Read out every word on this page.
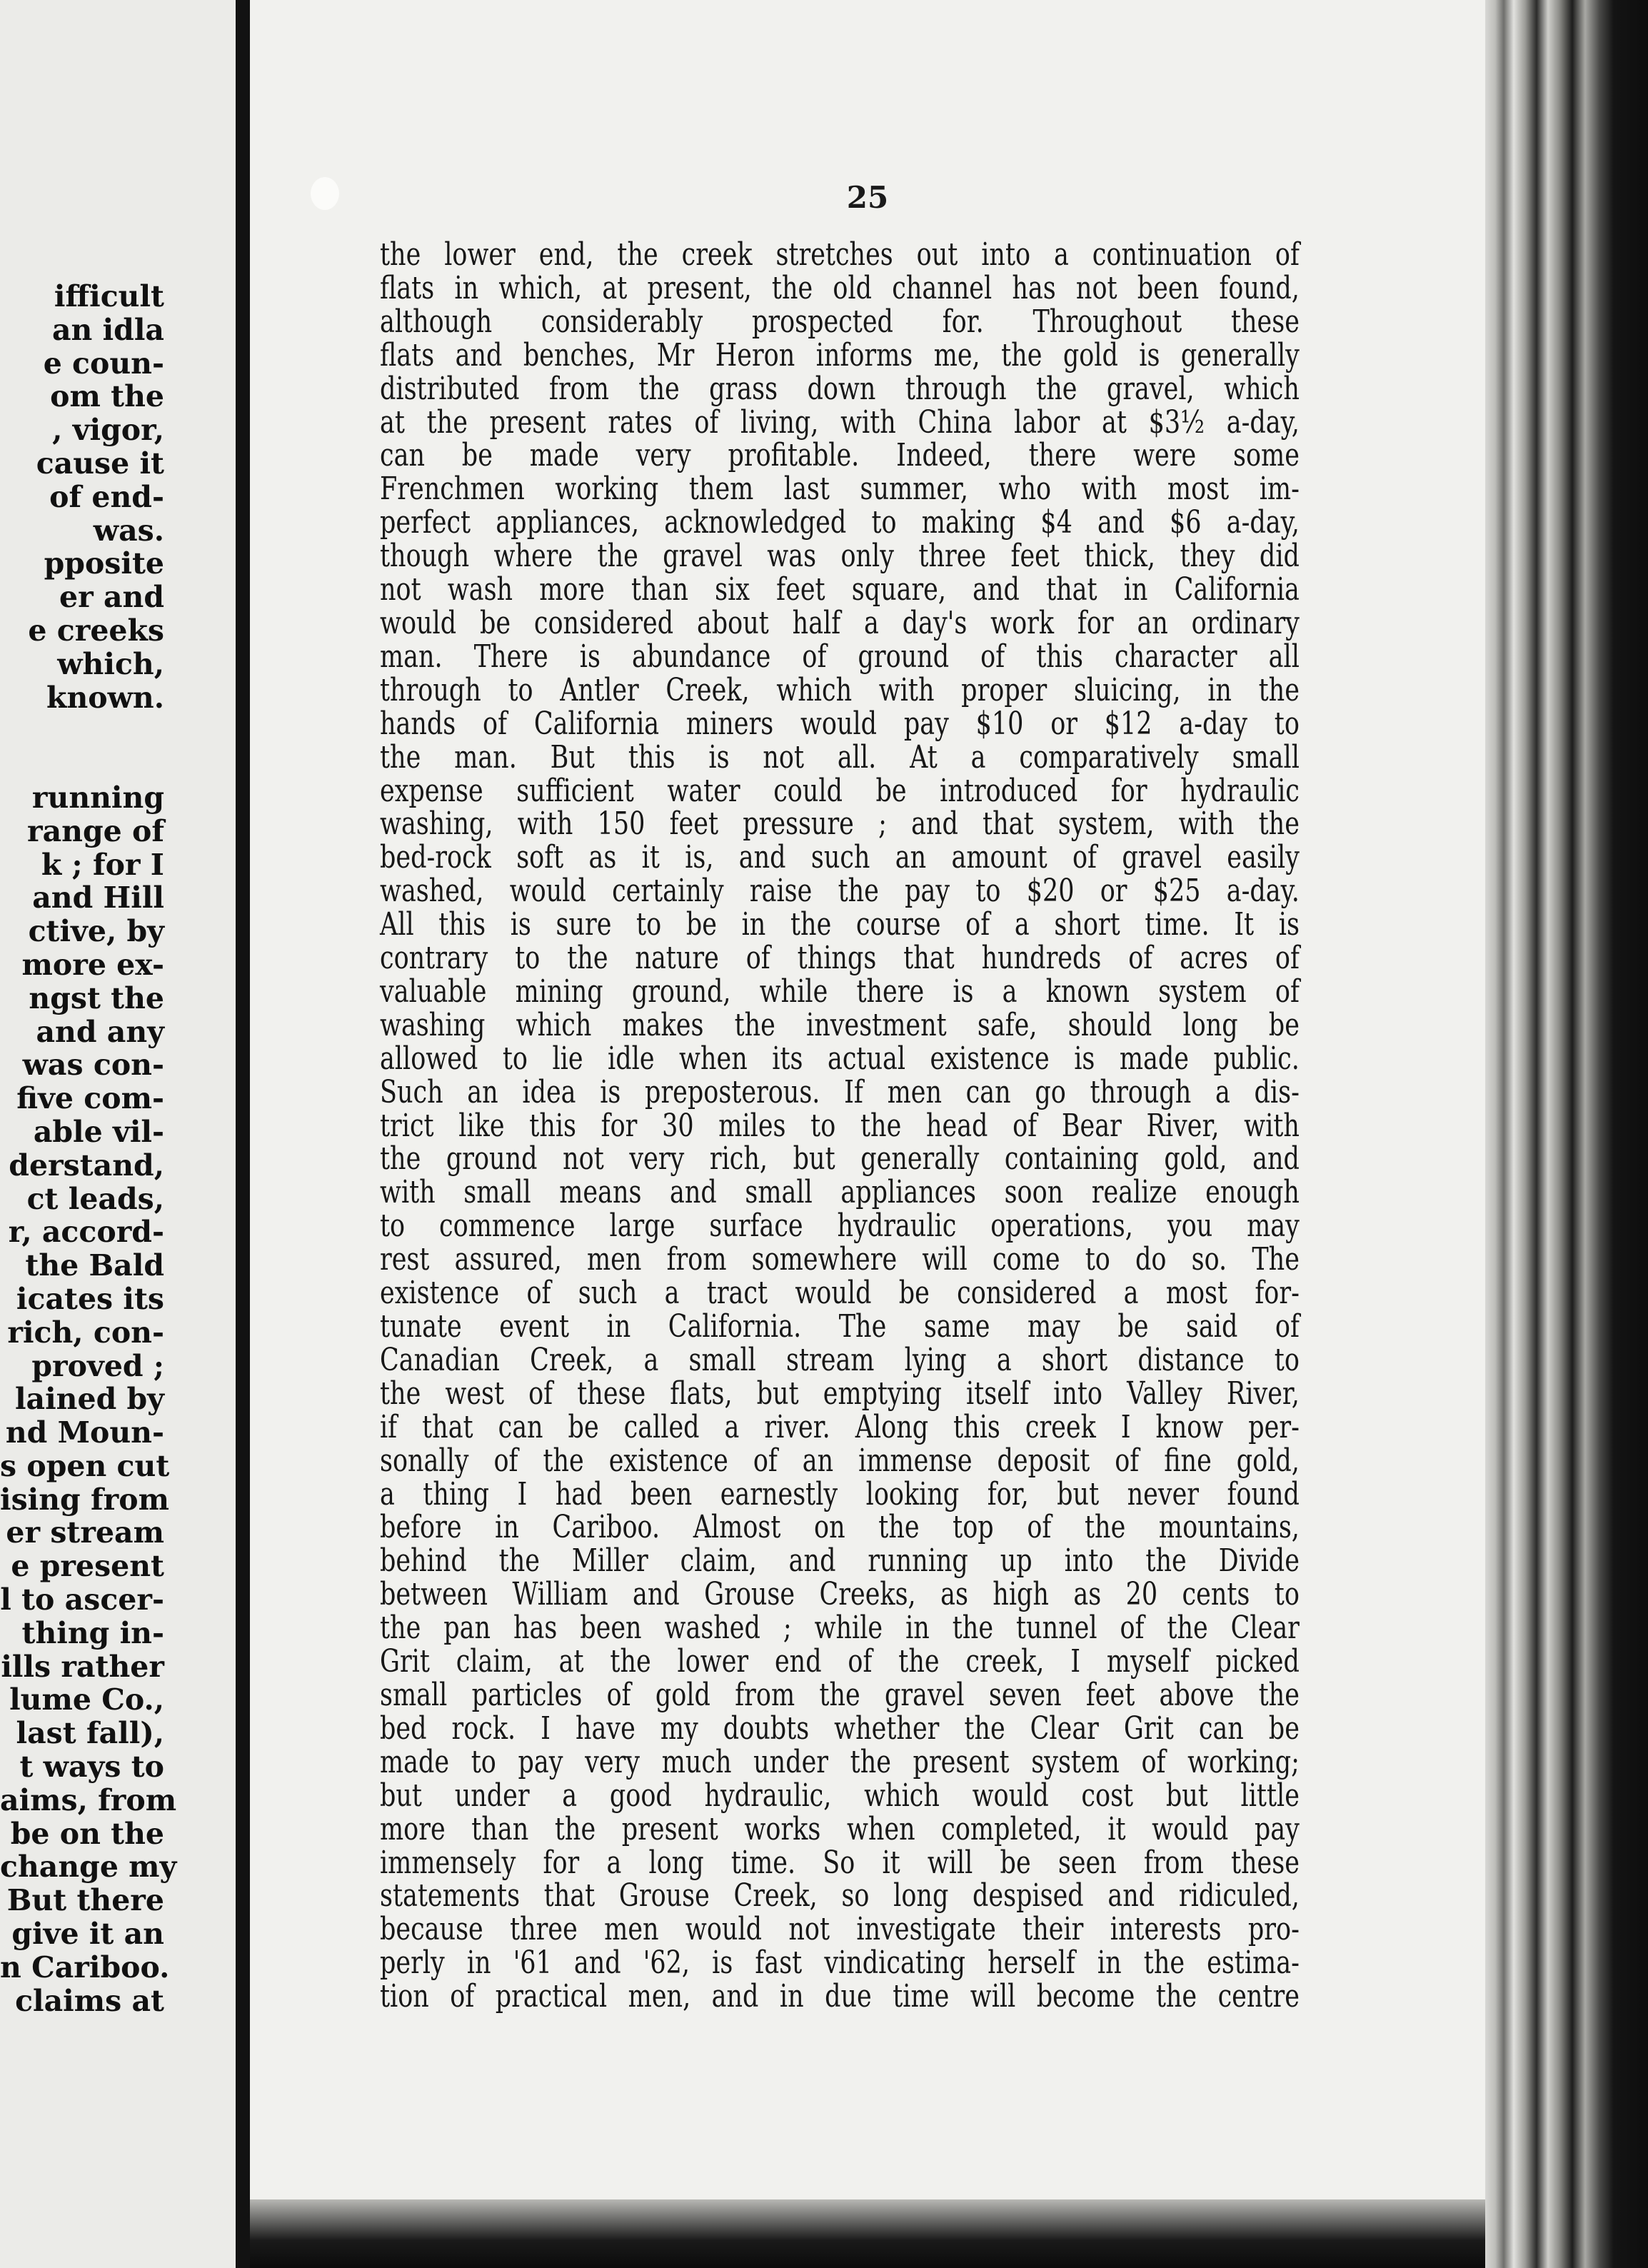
ifficult
an idla
e coun-
om the
, vigor,
cause it
of end-
was.
pposite
er and
e creeks
which,
known.

running
range of
k ; for I
and Hill
ctive, by
more ex-
ngst the
and any
was con-
five com-
able vil-
derstand,
ct leads,
r, accord-
the Bald
icates its
rich, con-
proved ;
lained by
nd Moun-
s open cut
ising from
er stream
e present
l to ascer-
thing in-
ills rather
lume Co.,
last fall),
t ways to
aims, from
be on the
change my
But there
give it an
n Cariboo.
claims at

25

the lower end, the creek stretches out into a continuation of
flats in which, at present, the old channel has not been found,
although considerably prospected for. Throughout these
flats and benches, Mr Heron informs me, the gold is generally
distributed from the grass down through the gravel, which
at the present rates of living, with China labor at $3½ a-day,
can be made very profitable. Indeed, there were some
Frenchmen working them last summer, who with most im-
perfect appliances, acknowledged to making $4 and $6 a-day,
though where the gravel was only three feet thick, they did
not wash more than six feet square, and that in California
would be considered about half a day's work for an ordinary
man. There is abundance of ground of this character all
through to Antler Creek, which with proper sluicing, in the
hands of California miners would pay $10 or $12 a-day to
the man. But this is not all. At a comparatively small
expense sufficient water could be introduced for hydraulic
washing, with 150 feet pressure ; and that system, with the
bed-rock soft as it is, and such an amount of gravel easily
washed, would certainly raise the pay to $20 or $25 a-day.
All this is sure to be in the course of a short time. It is
contrary to the nature of things that hundreds of acres of
valuable mining ground, while there is a known system of
washing which makes the investment safe, should long be
allowed to lie idle when its actual existence is made public.
Such an idea is preposterous. If men can go through a dis-
trict like this for 30 miles to the head of Bear River, with
the ground not very rich, but generally containing gold, and
with small means and small appliances soon realize enough
to commence large surface hydraulic operations, you may
rest assured, men from somewhere will come to do so. The
existence of such a tract would be considered a most for-
tunate event in California. The same may be said of
Canadian Creek, a small stream lying a short distance to
the west of these flats, but emptying itself into Valley River,
if that can be called a river. Along this creek I know per-
sonally of the existence of an immense deposit of fine gold,
a thing I had been earnestly looking for, but never found
before in Cariboo. Almost on the top of the mountains,
behind the Miller claim, and running up into the Divide
between William and Grouse Creeks, as high as 20 cents to
the pan has been washed ; while in the tunnel of the Clear
Grit claim, at the lower end of the creek, I myself picked
small particles of gold from the gravel seven feet above the
bed rock. I have my doubts whether the Clear Grit can be
made to pay very much under the present system of working;
but under a good hydraulic, which would cost but little
more than the present works when completed, it would pay
immensely for a long time. So it will be seen from these
statements that Grouse Creek, so long despised and ridiculed,
because three men would not investigate their interests pro-
perly in '61 and '62, is fast vindicating herself in the estima-
tion of practical men, and in due time will become the centre
